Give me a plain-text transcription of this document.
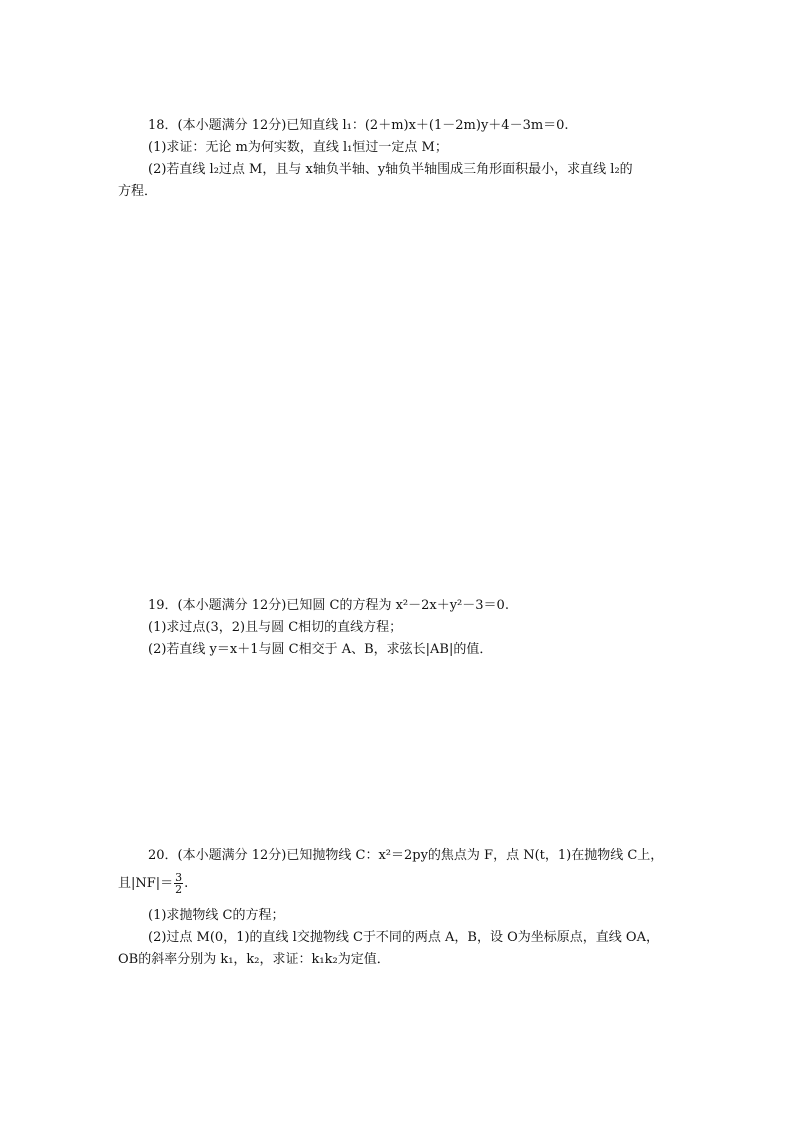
18．(本小题满分 12分)已知直线 l₁：(2＋m)x＋(1－2m)y＋4－3m＝0.
(1)求证：无论 m为何实数，直线 l₁恒过一定点 M；
(2)若直线 l₂过点 M，且与 x轴负半轴、y轴负半轴围成三角形面积最小，求直线 l₂的
方程．
19．(本小题满分 12分)已知圆 C的方程为 x²－2x＋y²－3＝0.
(1)求过点(3，2)且与圆 C相切的直线方程；
(2)若直线 y＝x＋1与圆 C相交于 A、B，求弦长|AB|的值．
20．(本小题满分 12分)已知抛物线 C：x²＝2py的焦点为 F，点 N(t，1)在抛物线 C上，
且$|NF|= \frac{3}{2}$ .
(1)求抛物线 C的方程；
(2)过点 M(0，1)的直线 l交抛物线 C于不同的两点 A，B，设 O为坐标原点，直线 OA，
OB的斜率分别为 k₁，k₂，求证：k₁k₂为定值．
